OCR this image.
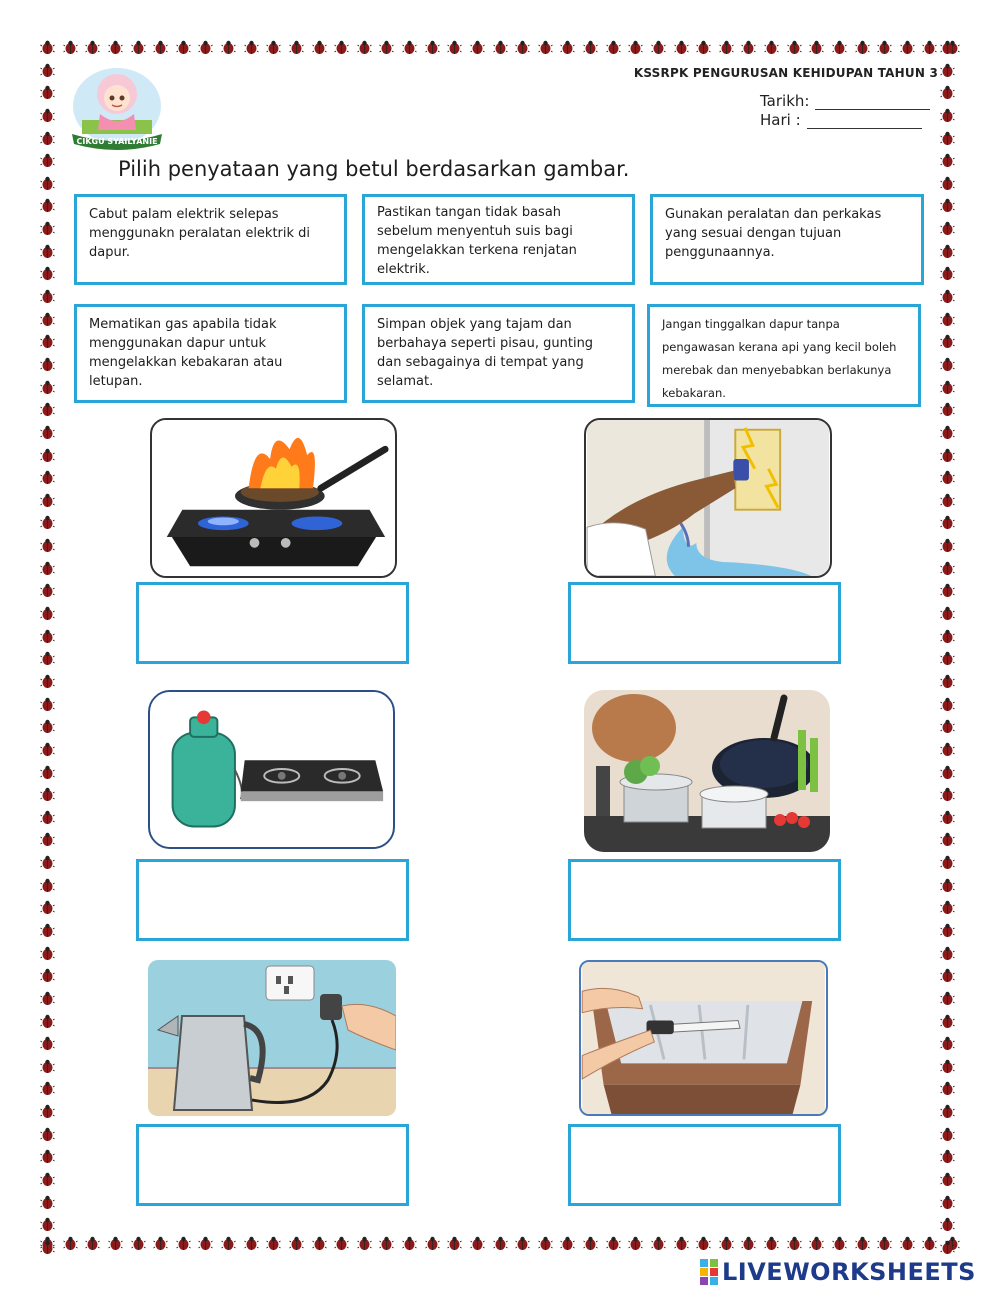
CIKGU SYAILYANIE
KSSRPK PENGURUSAN KEHIDUPAN TAHUN 3
Tarikh:
Hari :
Pilih penyataan yang betul berdasarkan gambar.
Cabut palam elektrik selepas menggunakn peralatan elektrik di dapur.
Pastikan tangan tidak basah sebelum menyentuh suis bagi mengelakkan terkena renjatan elektrik.
Gunakan peralatan dan perkakas yang sesuai dengan tujuan penggunaannya.
Mematikan gas apabila tidak menggunakan dapur untuk mengelakkan kebakaran atau letupan.
Simpan objek yang tajam dan berbahaya seperti pisau, gunting dan sebagainya di tempat yang selamat.
Jangan tinggalkan dapur tanpa pengawasan kerana api yang kecil boleh merebak dan menyebabkan berlakunya kebakaran.
LIVEWORKSHEETS
